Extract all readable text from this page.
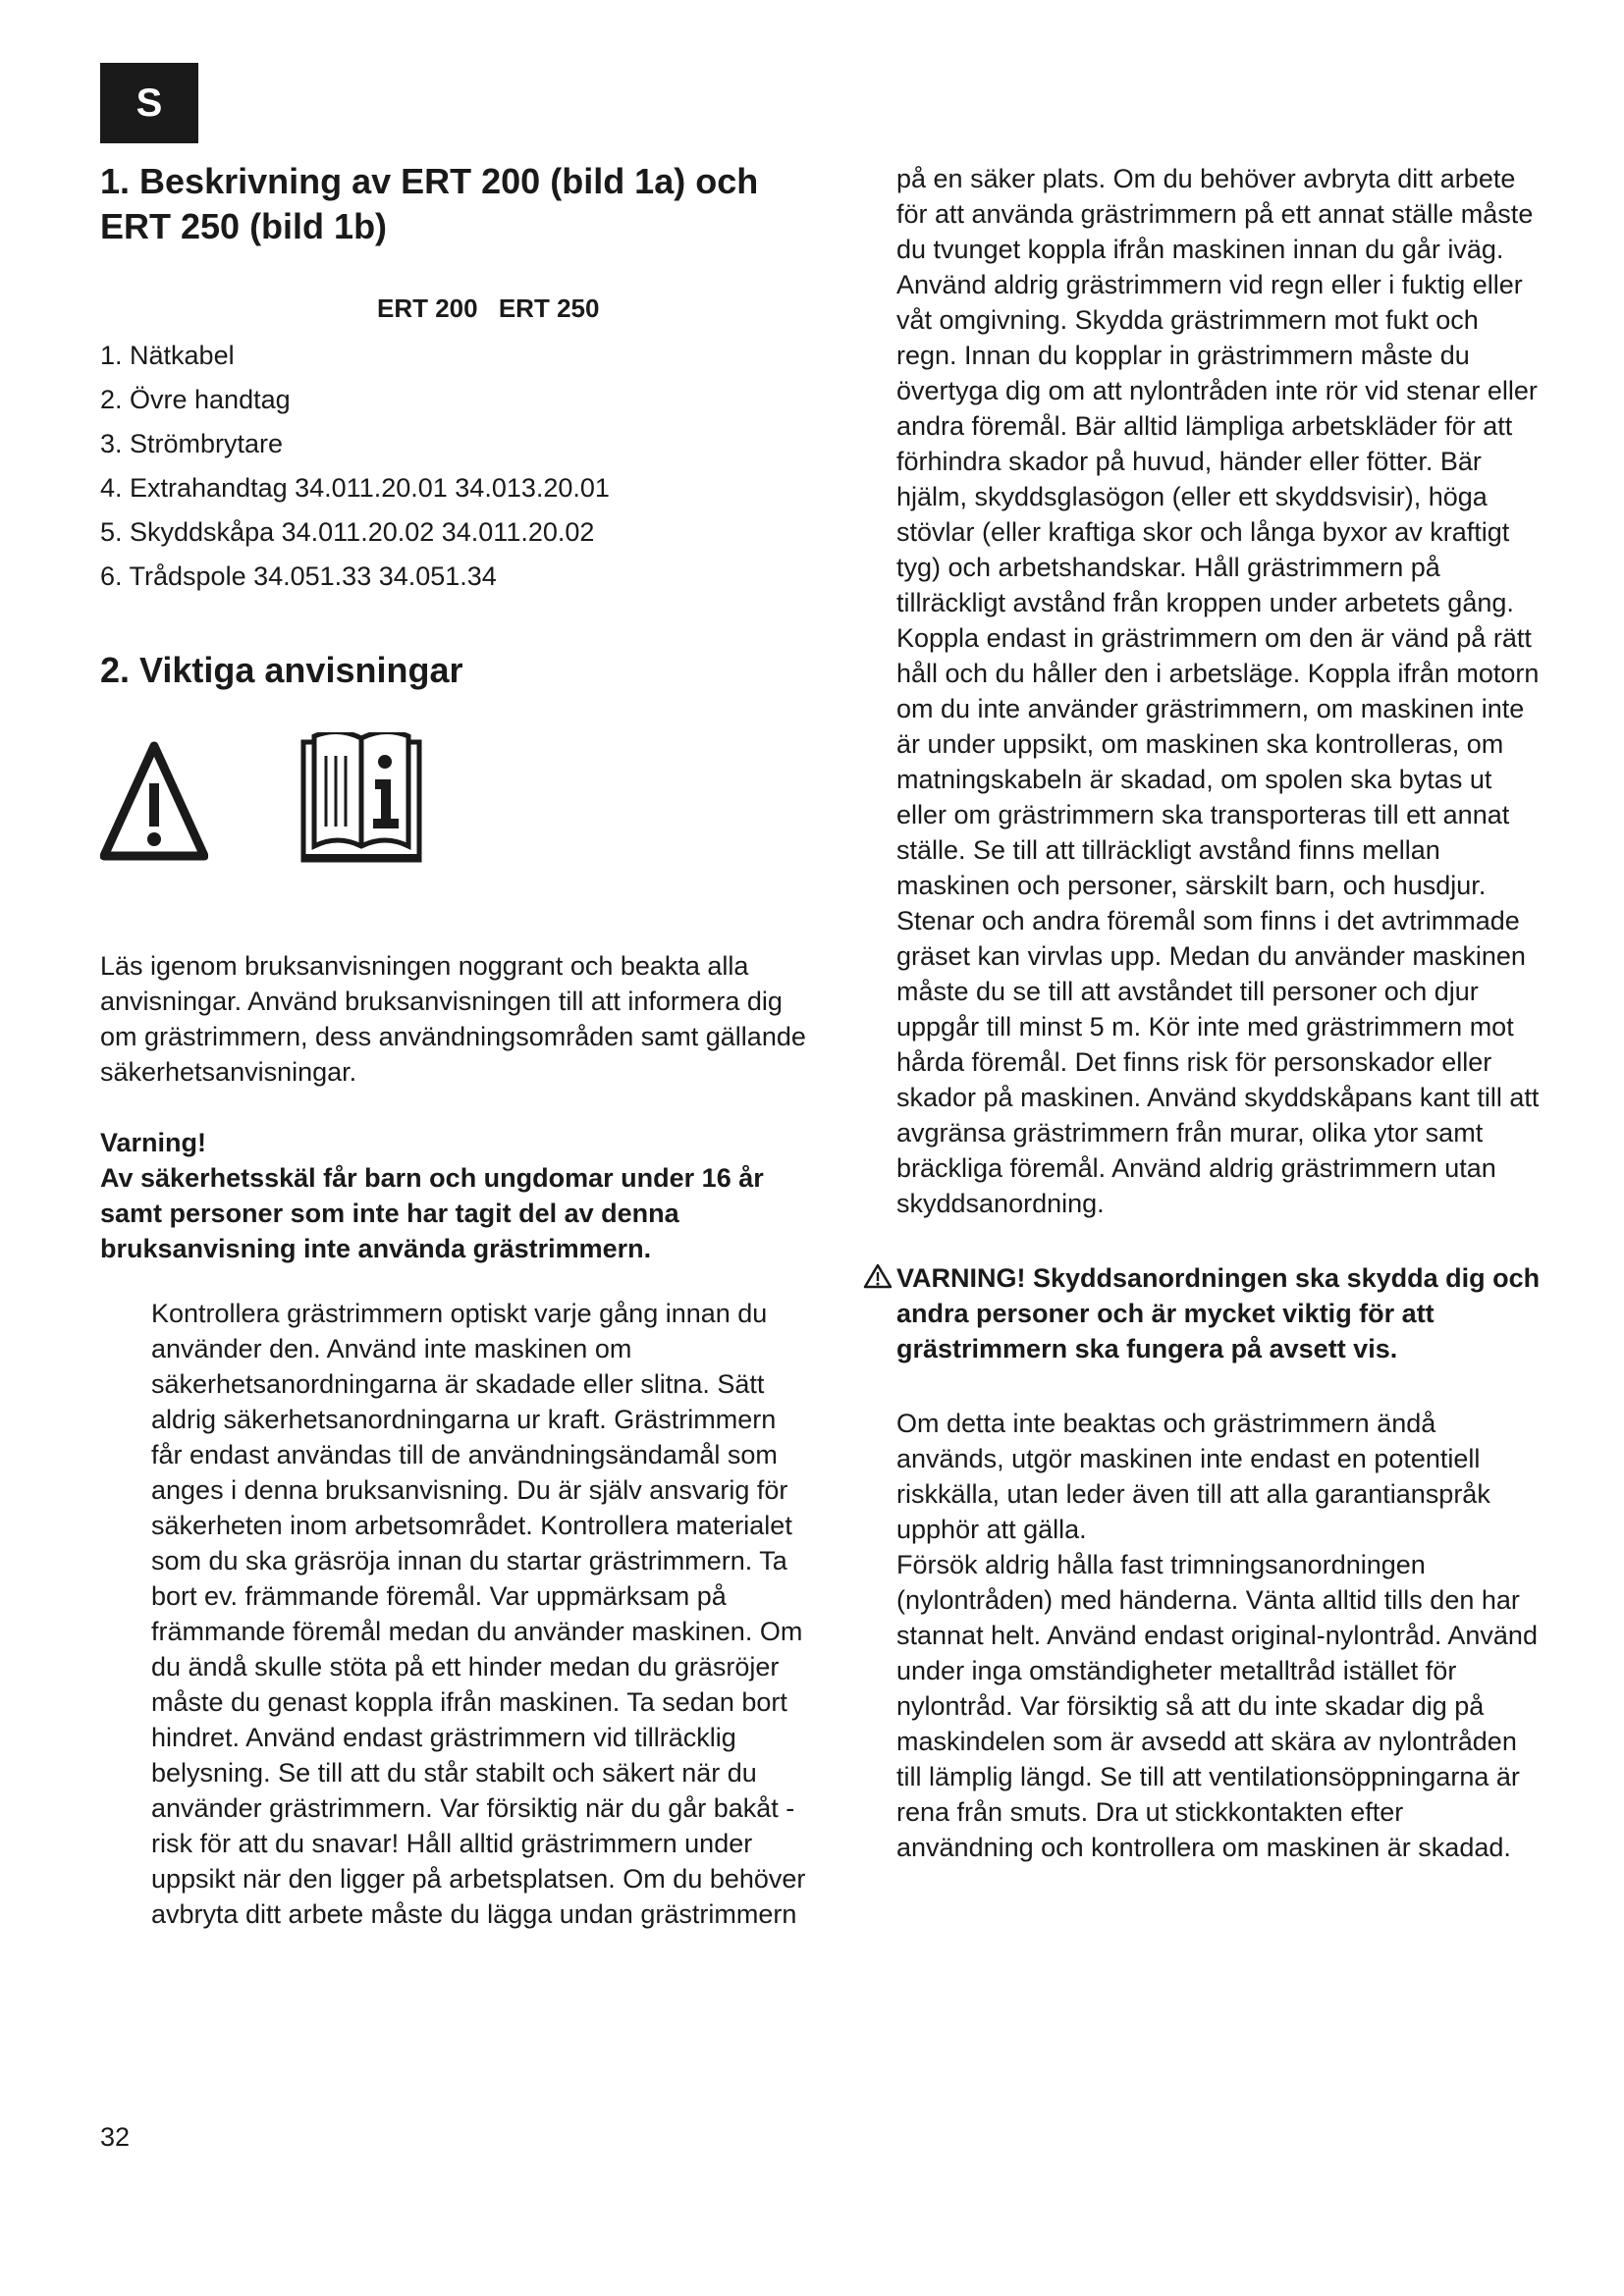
S
1. Beskrivning av ERT 200 (bild 1a) och ERT 250 (bild 1b)
ERT 200 ERT 250
1. Nätkabel
2. Övre handtag
3. Strömbrytare
4. Extrahandtag 34.011.20.01 34.013.20.01
5. Skyddskåpa 34.011.20.02 34.011.20.02
6. Trådspole 34.051.33 34.051.34
2. Viktiga anvisningar

Läs igenom bruksanvisningen noggrant och beakta alla anvisningar. Använd bruksanvisningen till att informera dig om grästrimmern, dess användningsområden samt gällande säkerhetsanvisningar.

Varning!
Av säkerhetsskäl får barn och ungdomar under 16 år samt personer som inte har tagit del av denna bruksanvisning inte använda grästrimmern.

Kontrollera grästrimmern optiskt varje gång innan du använder den. Använd inte maskinen om säkerhetsanordningarna är skadade eller slitna. Sätt aldrig säkerhetsanordningarna ur kraft. Grästrimmern får endast användas till de användningsändamål som anges i denna bruksanvisning. Du är själv ansvarig för säkerheten inom arbetsområdet. Kontrollera materialet som du ska gräsröja innan du startar grästrimmern. Ta bort ev. främmande föremål. Var uppmärksam på främmande föremål medan du använder maskinen. Om du ändå skulle stöta på ett hinder medan du gräsröjer måste du genast koppla ifrån maskinen. Ta sedan bort hindret. Använd endast grästrimmern vid tillräcklig belysning. Se till att du står stabilt och säkert när du använder grästrimmern. Var försiktig när du går bakåt - risk för att du snavar! Håll alltid grästrimmern under uppsikt när den ligger på arbetsplatsen. Om du behöver avbryta ditt arbete måste du lägga undan grästrimmern

på en säker plats. Om du behöver avbryta ditt arbete för att använda grästrimmern på ett annat ställe måste du tvunget koppla ifrån maskinen innan du går iväg. Använd aldrig grästrimmern vid regn eller i fuktig eller våt omgivning. Skydda grästrimmern mot fukt och regn. Innan du kopplar in grästrimmern måste du övertyga dig om att nylontråden inte rör vid stenar eller andra föremål. Bär alltid lämpliga arbetskläder för att förhindra skador på huvud, händer eller fötter. Bär hjälm, skyddsglasögon (eller ett skyddsvisir), höga stövlar (eller kraftiga skor och långa byxor av kraftigt tyg) och arbetshandskar. Håll grästrimmern på tillräckligt avstånd från kroppen under arbetets gång. Koppla endast in grästrimmern om den är vänd på rätt håll och du håller den i arbetsläge. Koppla ifrån motorn om du inte använder grästrimmern, om maskinen inte är under uppsikt, om maskinen ska kontrolleras, om matningskabeln är skadad, om spolen ska bytas ut eller om grästrimmern ska transporteras till ett annat ställe. Se till att tillräckligt avstånd finns mellan maskinen och personer, särskilt barn, och husdjur. Stenar och andra föremål som finns i det avtrimmade gräset kan virvlas upp. Medan du använder maskinen måste du se till att avståndet till personer och djur uppgår till minst 5 m. Kör inte med grästrimmern mot hårda föremål. Det finns risk för personskador eller skador på maskinen. Använd skyddskåpans kant till att avgränsa grästrimmern från murar, olika ytor samt bräckliga föremål. Använd aldrig grästrimmern utan skyddsanordning.

VARNING! Skyddsanordningen ska skydda dig och andra personer och är mycket viktig för att grästrimmern ska fungera på avsett vis.

Om detta inte beaktas och grästrimmern ändå används, utgör maskinen inte endast en potentiell riskkälla, utan leder även till att alla garantianspråk upphör att gälla.

Försök aldrig hålla fast trimningsanordningen (nylontråden) med händerna. Vänta alltid tills den har stannat helt. Använd endast original-nylontråd. Använd under inga omständigheter metalltråd istället för nylontråd. Var försiktig så att du inte skadar dig på maskindelen som är avsedd att skära av nylontråden till lämplig längd. Se till att ventilationsöppningarna är rena från smuts. Dra ut stickkontakten efter användning och kontrollera om maskinen är skadad.

32
